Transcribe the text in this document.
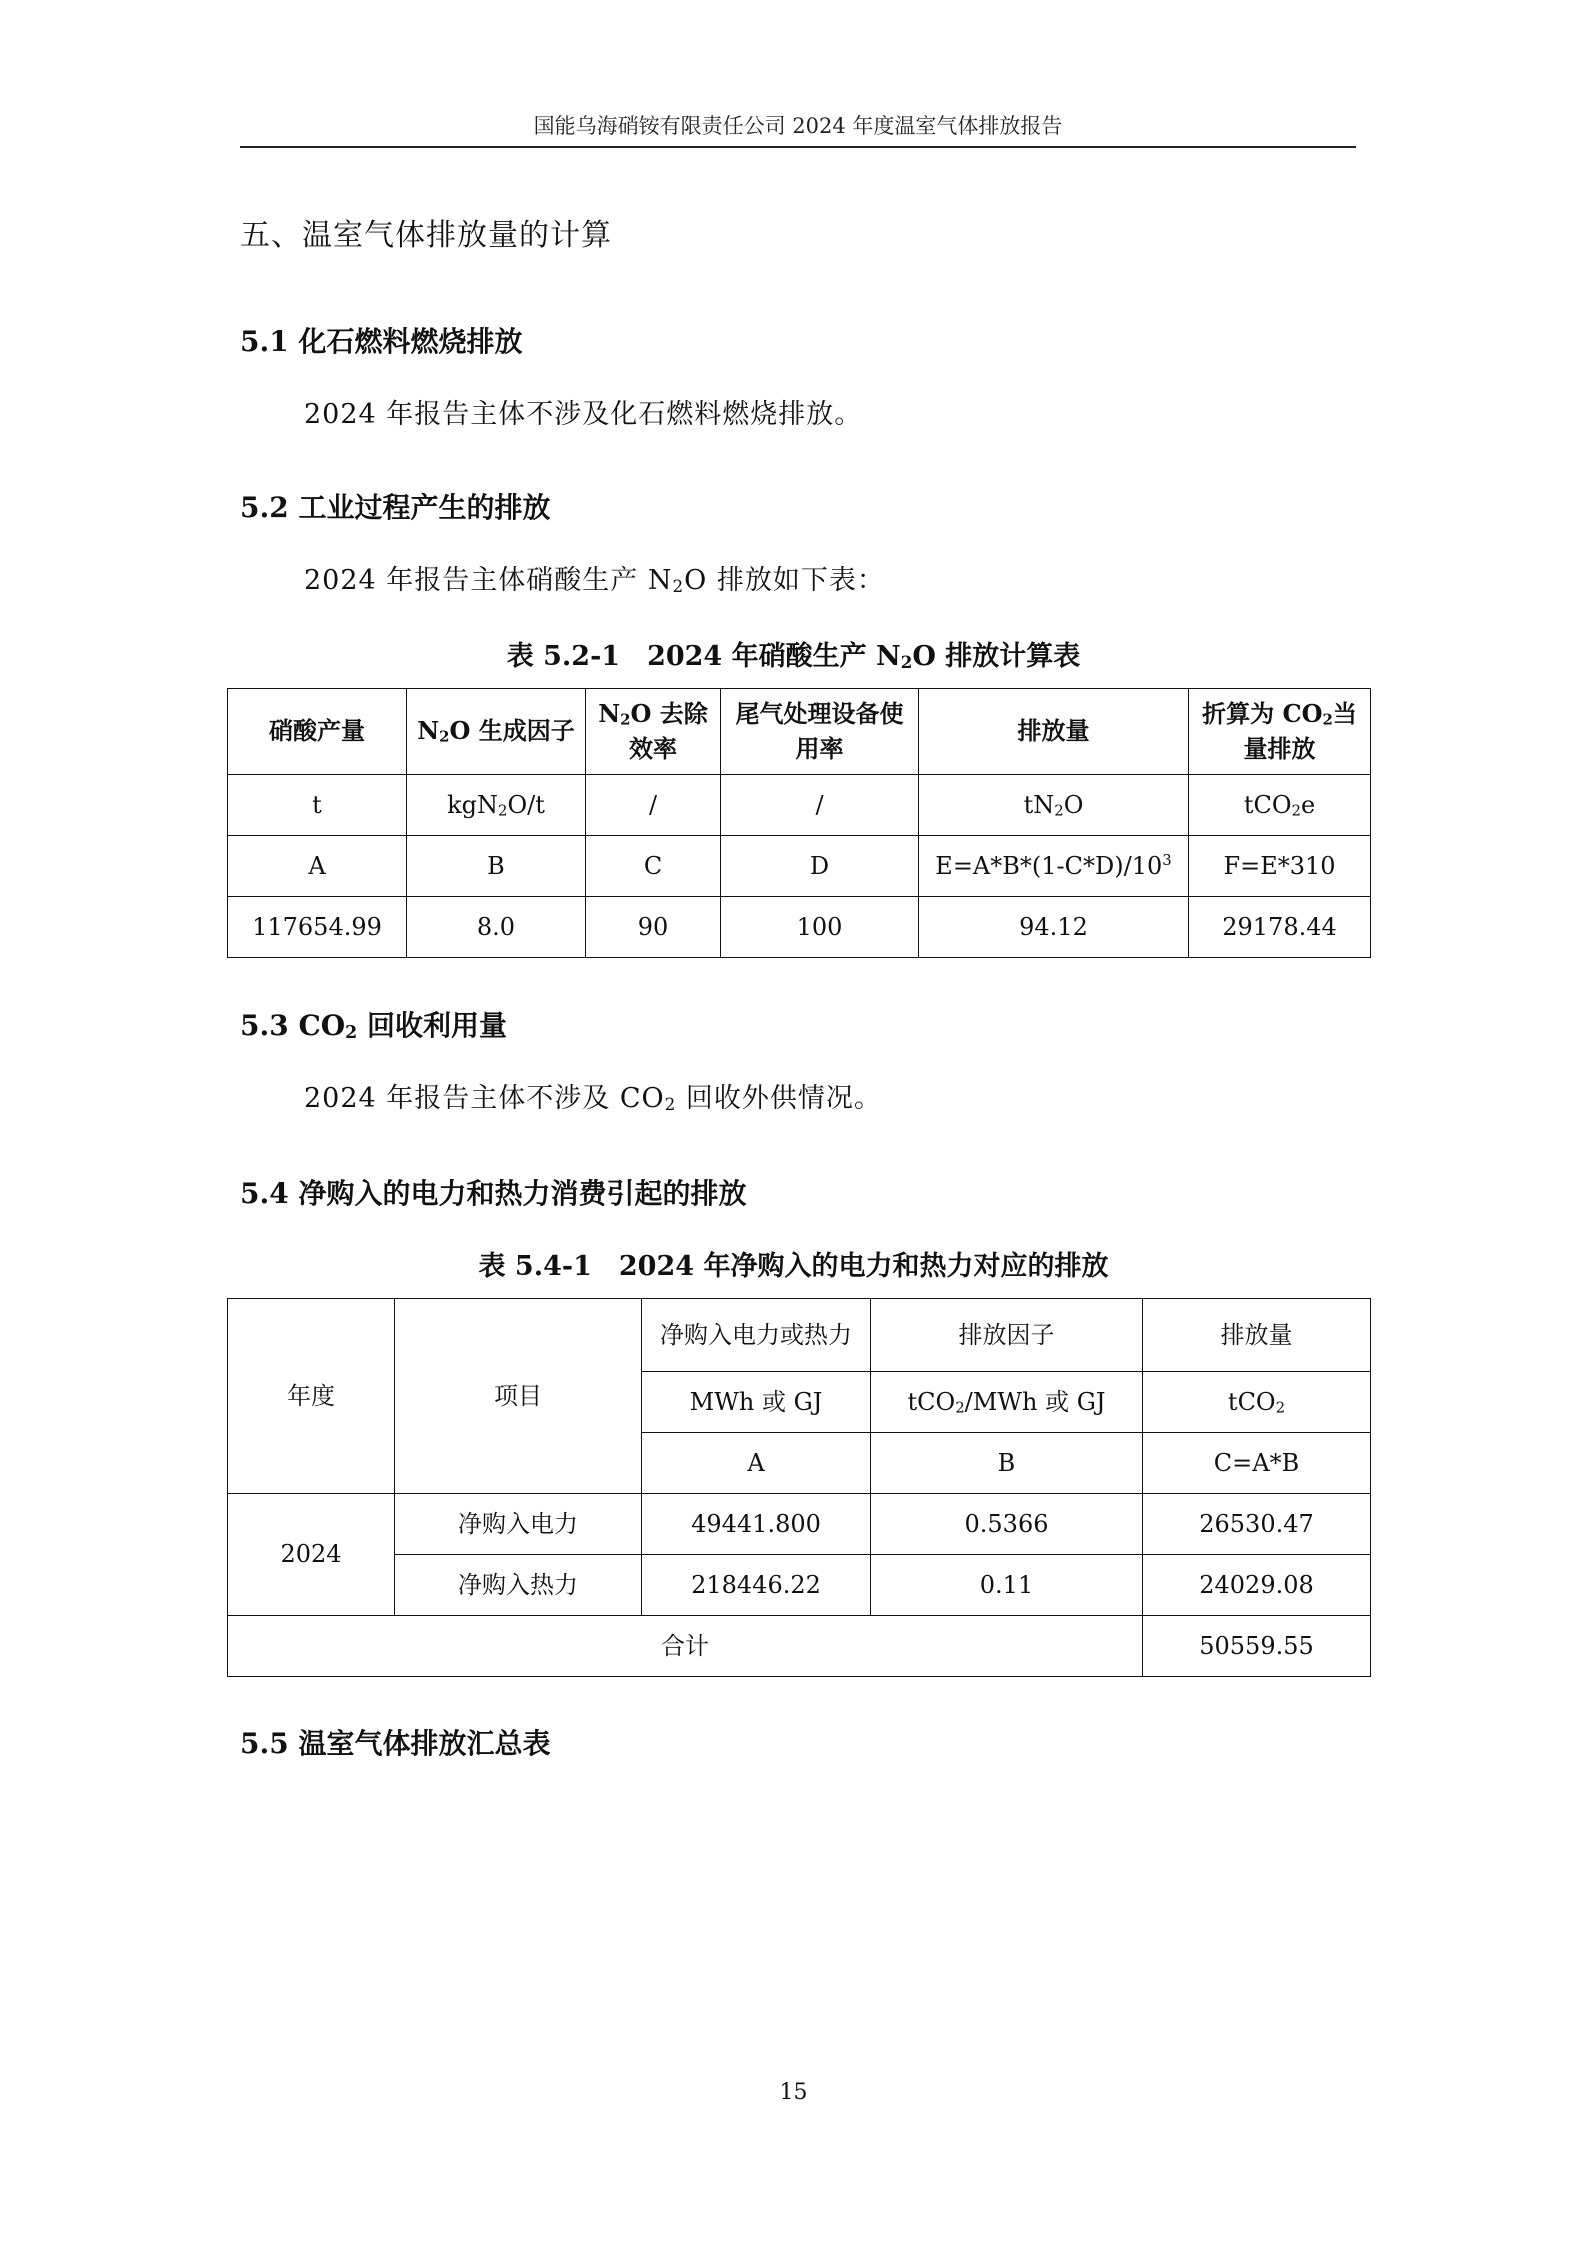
国能乌海硝铵有限责任公司 2024 年度温室气体排放报告
五、温室气体排放量的计算
5.1 化石燃料燃烧排放
2024 年报告主体不涉及化石燃料燃烧排放。
5.2 工业过程产生的排放
2024 年报告主体硝酸生产 $N_2O$ 排放如下表：
表 5.2-1　2024 年硝酸生产 $N_2O$ 排放计算表
硝酸产量	$N_2O$ 生成因子	$N_2O$ 去除效率	尾气处理设备使用率	排放量	折算为 $CO_2$当量排放
t	kgN$_2$O/t	/	/	$tN_2O$	tCO$_2$e
A	B	C	D	$E=A*B*(1-C*D)/10^3$	F=E*310
117654.99	8.0	90	100	94.12	29178.44
5.3 $CO_2$ 回收利用量
2024 年报告主体不涉及 $CO_2$ 回收外供情况。
5.4 净购入的电力和热力消费引起的排放
表 5.4-1　2024 年净购入的电力和热力对应的排放
年度	项目	净购入电力或热力	排放因子	排放量
		MWh 或 GJ	tCO$_2$/MWh 或 GJ	tCO$_2$
		A	B	C=A*B
2024	净购入电力	49441.800	0.5366	26530.47
	净购入热力	218446.22	0.11	24029.08
合计				50559.55
5.5 温室气体排放汇总表
15
